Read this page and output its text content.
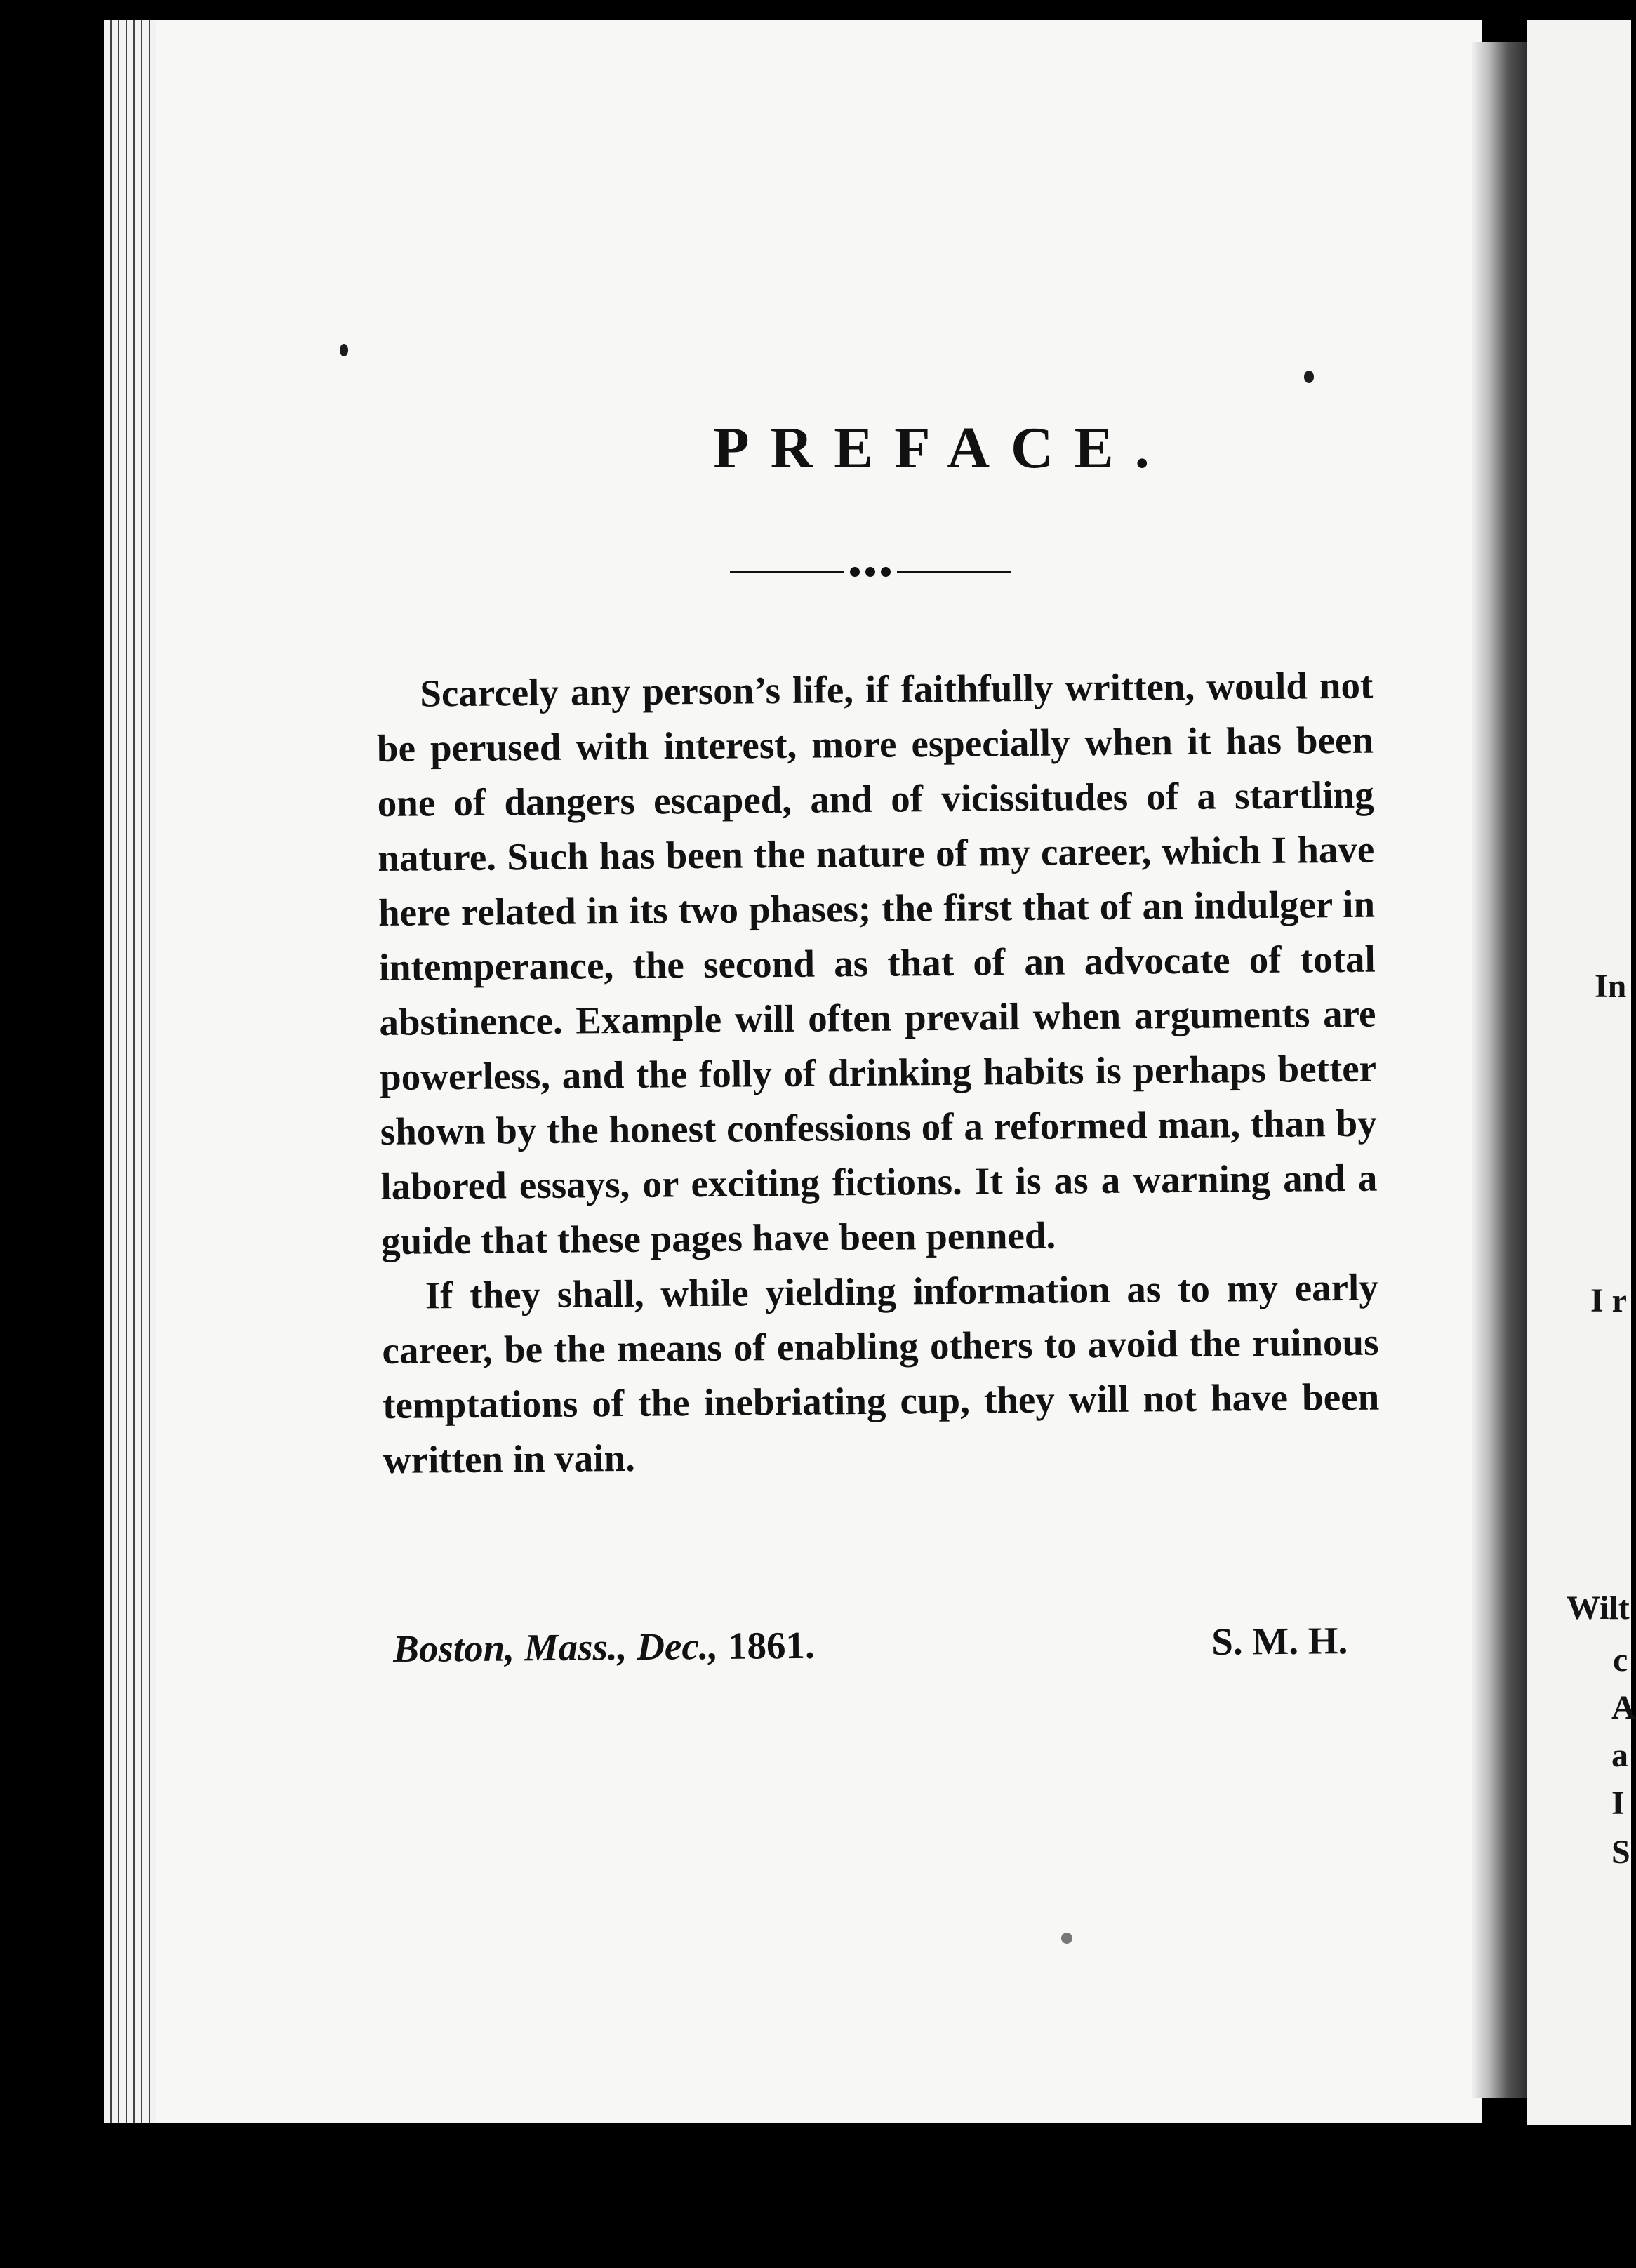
PREFACE.

Scarcely any person’s life, if faithfully written, would not be perused with interest, more especially when it has been one of dangers escaped, and of vicissitudes of a startling nature. Such has been the nature of my career, which I have here related in its two phases; the first that of an indulger in intemperance, the second as that of an advocate of total abstinence. Example will often prevail when arguments are powerless, and the folly of drinking habits is perhaps better shown by the honest confessions of a reformed man, than by labored essays, or exciting fictions. It is as a warning and a guide that these pages have been penned.

If they shall, while yielding information as to my early career, be the means of enabling others to avoid the ruinous temptations of the inebriating cup, they will not have been written in vain.

Boston, Mass., Dec., 1861.	S. M. H.
In
I r
Wilt
c
A
a
I
S
